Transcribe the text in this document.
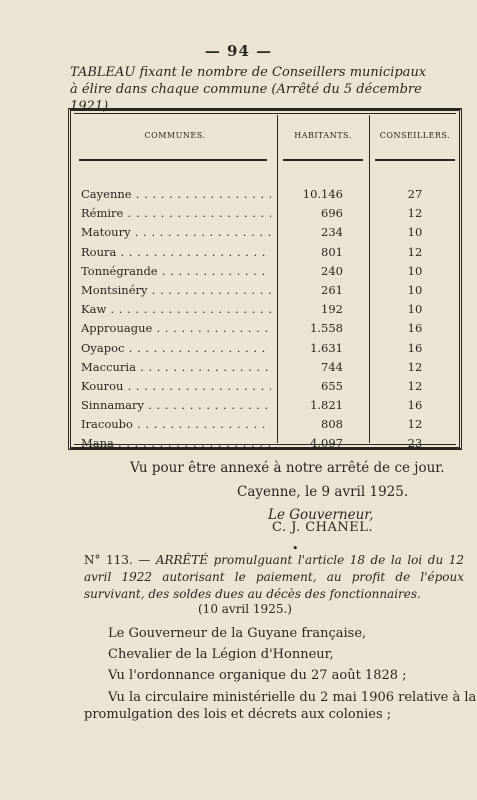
— 94 —
TABLEAU fixant le nombre de Conseillers municipaux
à élire dans chaque commune (Arrêté du 5 décembre 1921).
COMMUNES.	HABITANTS.	CONSEILLERS.
Cayenne . . .	10.146	27
Rémire . . .	696	12
Matoury . . .	234	10
Roura . . .	801	12
Tonnégrande . . .	240	10
Montsinéry . . .	261	10
Kaw . . .	192	10
Approuague . . .	1.558	16
Oyapoc . . .	1.631	16
Maccuria . . .	744	12
Kourou . . .	655	12
Sinnamary . . .	1.821	16
Iracoubo . . .	808	12
Mana . . .	4.097	23
Vu pour être annexé à notre arrêté de ce jour.
Cayenne, le 9 avril 1925.
Le Gouverneur,
C. J. CHANEL.
•
N° 113. — ARRÊTÉ promulguant l'article 18 de la loi du 12 avril 1922 autorisant le paiement, au profit de l'époux survivant, des soldes dues au décès des fonctionnaires.
(10 avril 1925.)
Le Gouverneur de la Guyane française,
Chevalier de la Légion d'Honneur,
Vu l'ordonnance organique du 27 août 1828 ;
Vu la circulaire ministérielle du 2 mai 1906 relative à la
promulgation des lois et décrets aux colonies ;
